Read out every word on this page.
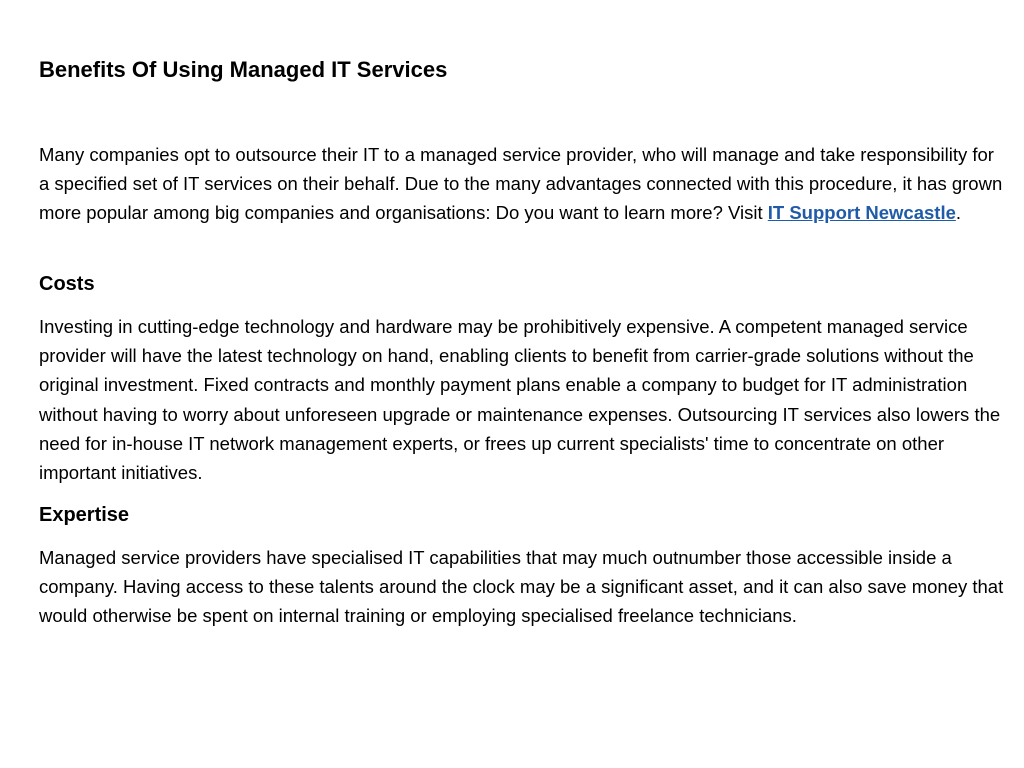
Benefits Of Using Managed IT Services

Many companies opt to outsource their IT to a managed service provider, who will manage and take responsibility for a specified set of IT services on their behalf. Due to the many advantages connected with this procedure, it has grown more popular among big companies and organisations: Do you want to learn more? Visit IT Support Newcastle.

Costs

Investing in cutting-edge technology and hardware may be prohibitively expensive. A competent managed service provider will have the latest technology on hand, enabling clients to benefit from carrier-grade solutions without the original investment. Fixed contracts and monthly payment plans enable a company to budget for IT administration without having to worry about unforeseen upgrade or maintenance expenses. Outsourcing IT services also lowers the need for in-house IT network management experts, or frees up current specialists' time to concentrate on other important initiatives.

Expertise

Managed service providers have specialised IT capabilities that may much outnumber those accessible inside a company. Having access to these talents around the clock may be a significant asset, and it can also save money that would otherwise be spent on internal training or employing specialised freelance technicians.
